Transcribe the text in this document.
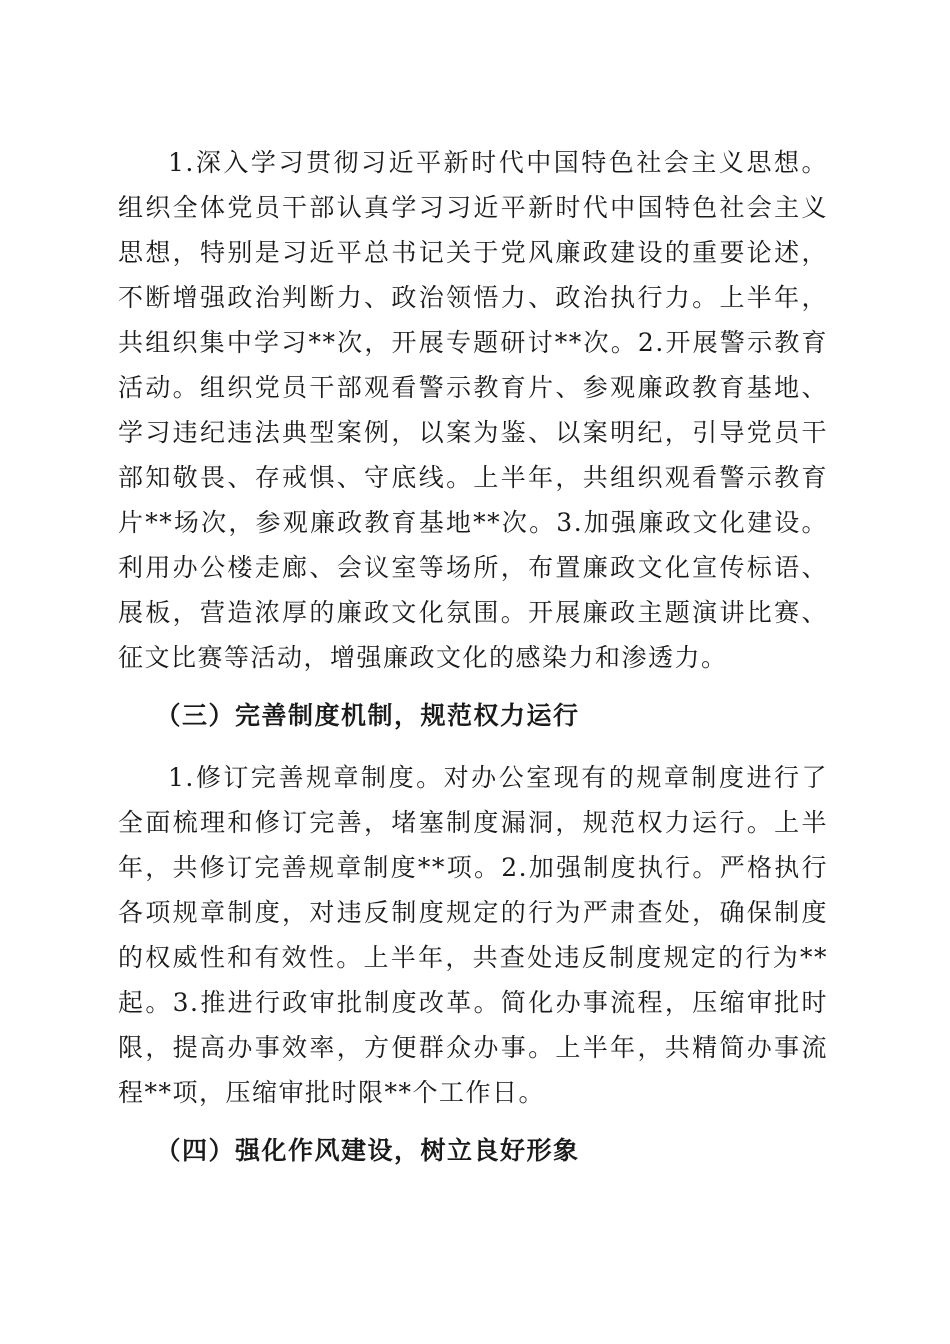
1.深入学习贯彻习近平新时代中国特色社会主义思想。组织全体党员干部认真学习习近平新时代中国特色社会主义思想，特别是习近平总书记关于党风廉政建设的重要论述，不断增强政治判断力、政治领悟力、政治执行力。上半年，共组织集中学习**次，开展专题研讨**次。2.开展警示教育活动。组织党员干部观看警示教育片、参观廉政教育基地、学习违纪违法典型案例，以案为鉴、以案明纪，引导党员干部知敬畏、存戒惧、守底线。上半年，共组织观看警示教育片**场次，参观廉政教育基地**次。3.加强廉政文化建设。利用办公楼走廊、会议室等场所，布置廉政文化宣传标语、展板，营造浓厚的廉政文化氛围。开展廉政主题演讲比赛、征文比赛等活动，增强廉政文化的感染力和渗透力。

（三）完善制度机制，规范权力运行

1.修订完善规章制度。对办公室现有的规章制度进行了全面梳理和修订完善，堵塞制度漏洞，规范权力运行。上半年，共修订完善规章制度**项。2.加强制度执行。严格执行各项规章制度，对违反制度规定的行为严肃查处，确保制度的权威性和有效性。上半年，共查处违反制度规定的行为**起。3.推进行政审批制度改革。简化办事流程，压缩审批时限，提高办事效率，方便群众办事。上半年，共精简办事流程**项，压缩审批时限**个工作日。

（四）强化作风建设，树立良好形象
